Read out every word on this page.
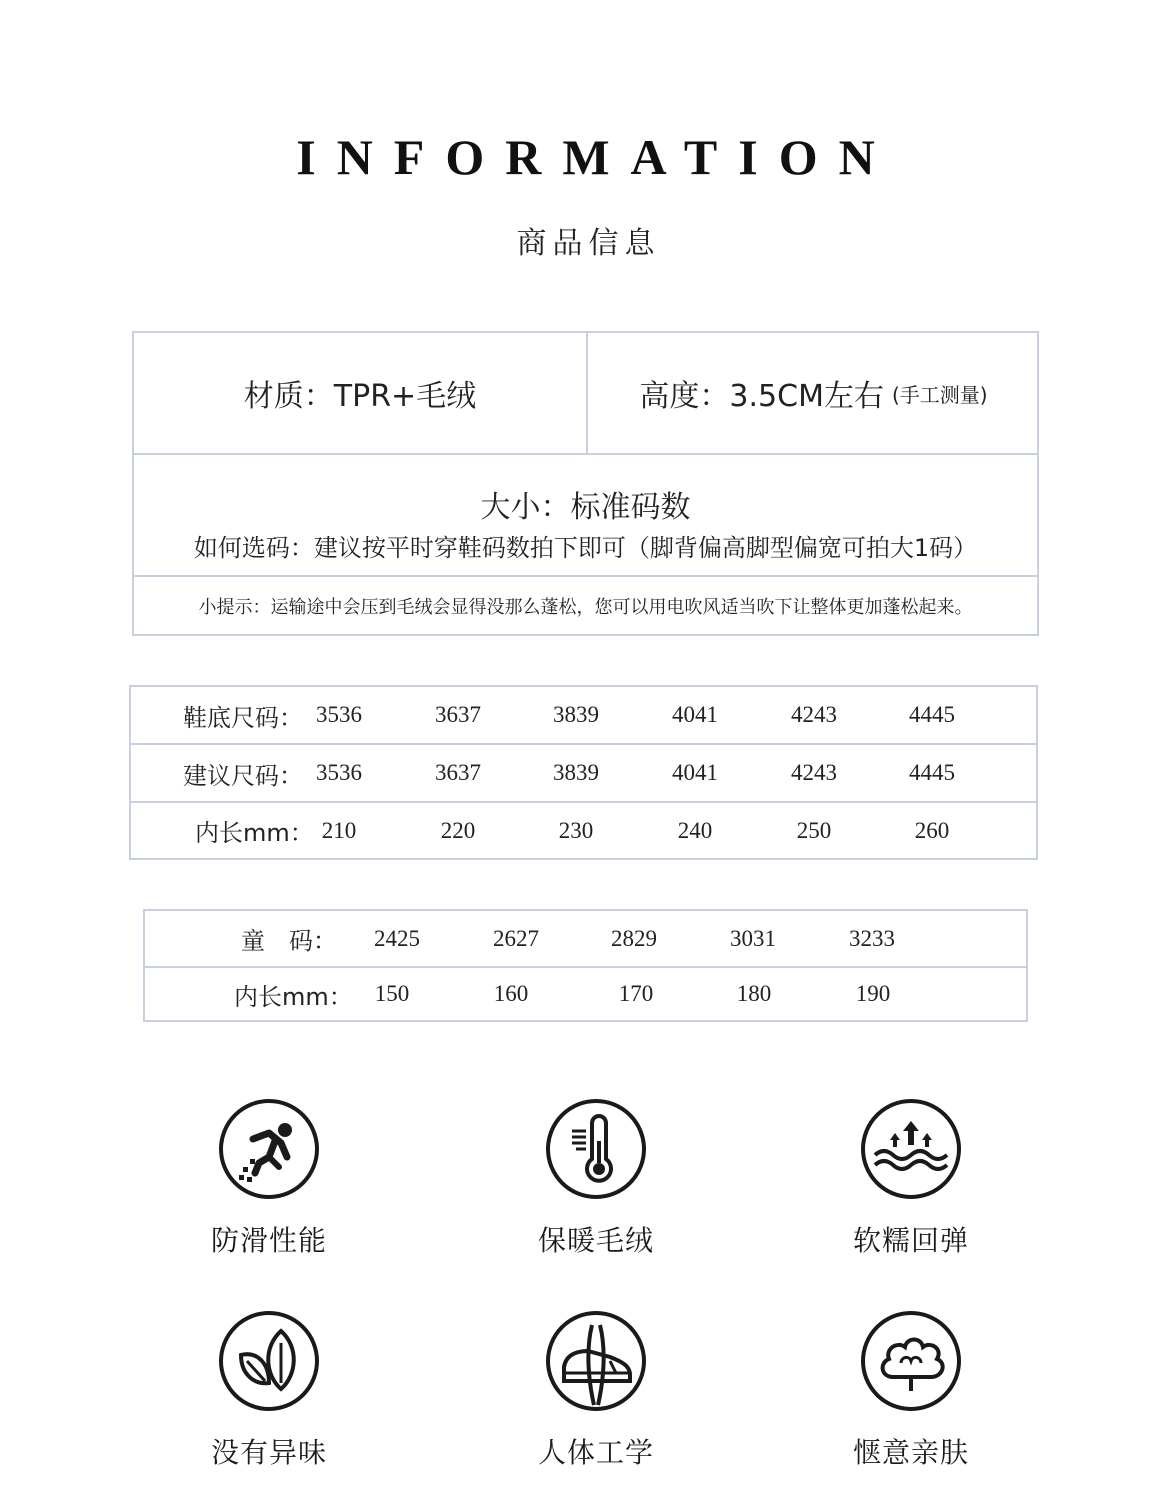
INFORMATION
商品信息
材质：TPR+毛绒	高度：3.5CM左右 (手工测量)
大小：标准码数
如何选码：建议按平时穿鞋码数拍下即可（脚背偏高脚型偏宽可拍大1码）
小提示：运输途中会压到毛绒会显得没那么蓬松，您可以用电吹风适当吹下让整体更加蓬松起来。
鞋底尺码： 3536	3637	3839	4041	4243	4445
建议尺码： 3536	3637	3839	4041	4243	4445
内长mm： 210	220	230	240	250	260
童　码：	2425	2627	2829	3031	3233
内长mm： 150	160	170	180	190
防滑性能	保暖毛绒	软糯回弹
没有异味	人体工学	惬意亲肤
